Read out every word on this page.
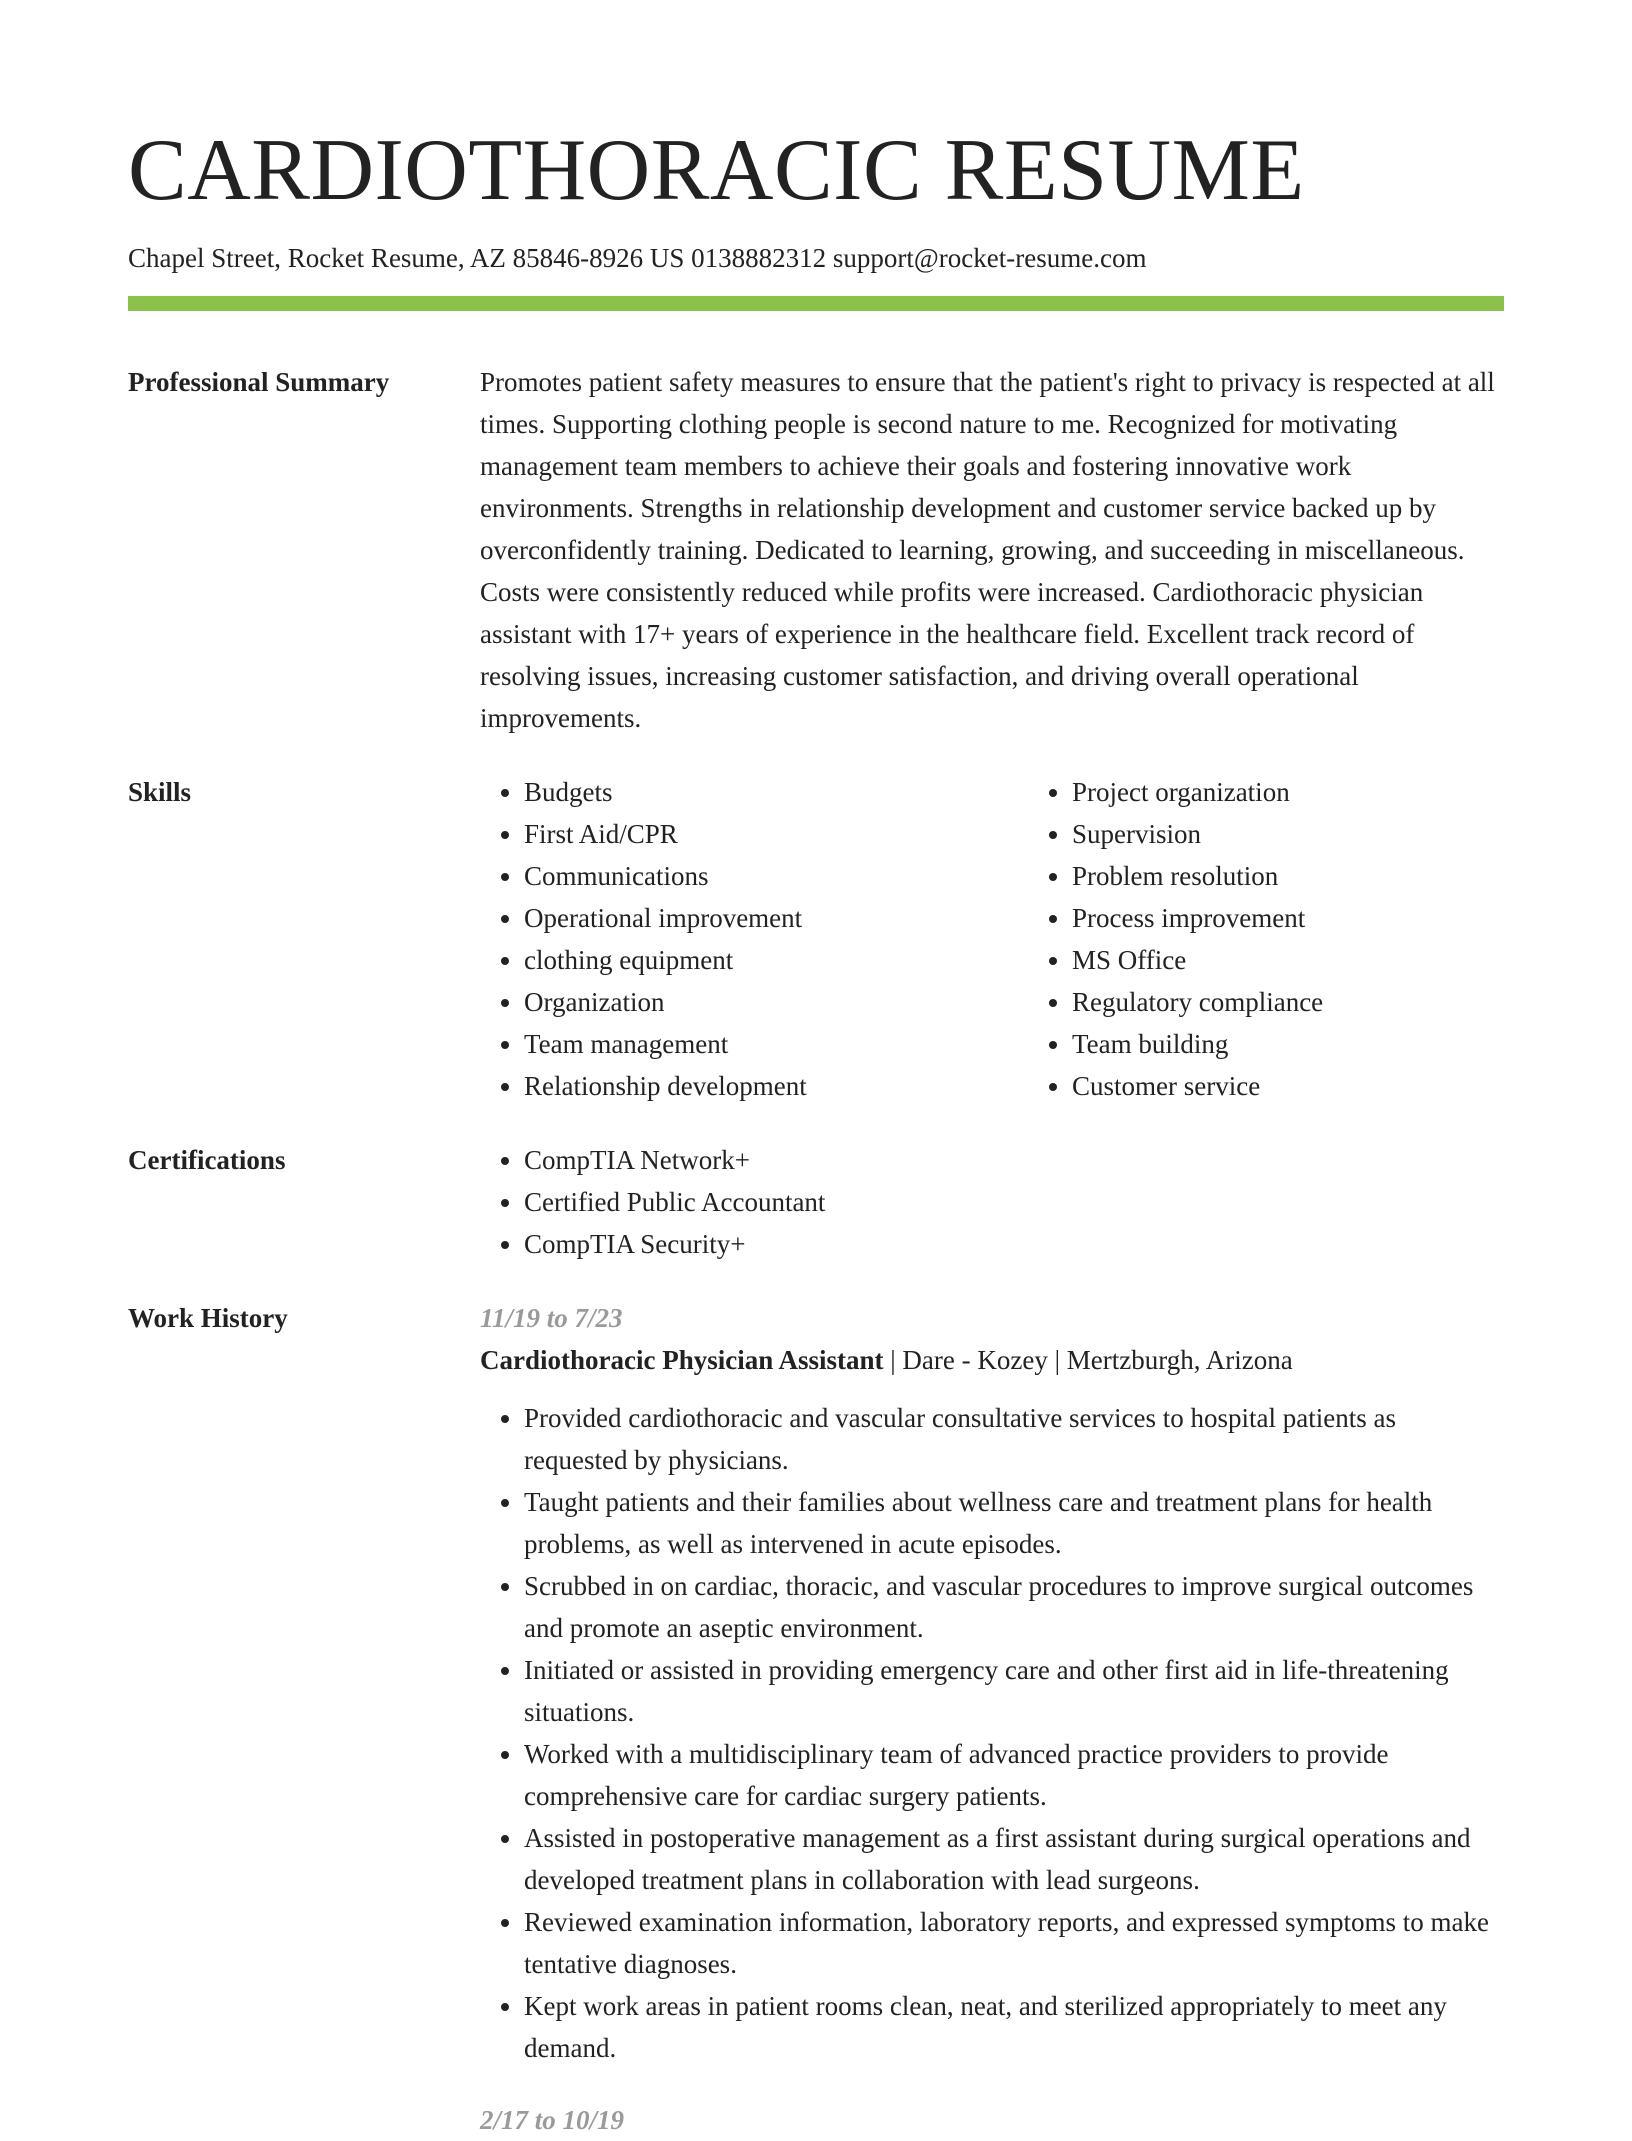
CARDIOTHORACIC RESUME
Chapel Street, Rocket Resume, AZ 85846-8926 US 0138882312 support@rocket-resume.com
Professional Summary	Promotes patient safety measures to ensure that the patient's right to privacy is respected at all times. Supporting clothing people is second nature to me. Recognized for motivating management team members to achieve their goals and fostering innovative work environments. Strengths in relationship development and customer service backed up by overconfidently training. Dedicated to learning, growing, and succeeding in miscellaneous. Costs were consistently reduced while profits were increased. Cardiothoracic physician assistant with 17+ years of experience in the healthcare field. Excellent track record of resolving issues, increasing customer satisfaction, and driving overall operational improvements.
Skills	• Budgets
• First Aid/CPR
• Communications
• Operational improvement
• clothing equipment
• Organization
• Team management
• Relationship development
• Project organization
• Supervision
• Problem resolution
• Process improvement
• MS Office
• Regulatory compliance
• Team building
• Customer service
Certifications	• CompTIA Network+
• Certified Public Accountant
• CompTIA Security+
Work History	11/19 to 7/23
Cardiothoracic Physician Assistant | Dare - Kozey | Mertzburgh, Arizona
• Provided cardiothoracic and vascular consultative services to hospital patients as requested by physicians.
• Taught patients and their families about wellness care and treatment plans for health problems, as well as intervened in acute episodes.
• Scrubbed in on cardiac, thoracic, and vascular procedures to improve surgical outcomes and promote an aseptic environment.
• Initiated or assisted in providing emergency care and other first aid in life-threatening situations.
• Worked with a multidisciplinary team of advanced practice providers to provide comprehensive care for cardiac surgery patients.
• Assisted in postoperative management as a first assistant during surgical operations and developed treatment plans in collaboration with lead surgeons.
• Reviewed examination information, laboratory reports, and expressed symptoms to make tentative diagnoses.
• Kept work areas in patient rooms clean, neat, and sterilized appropriately to meet any demand.
2/17 to 10/19
